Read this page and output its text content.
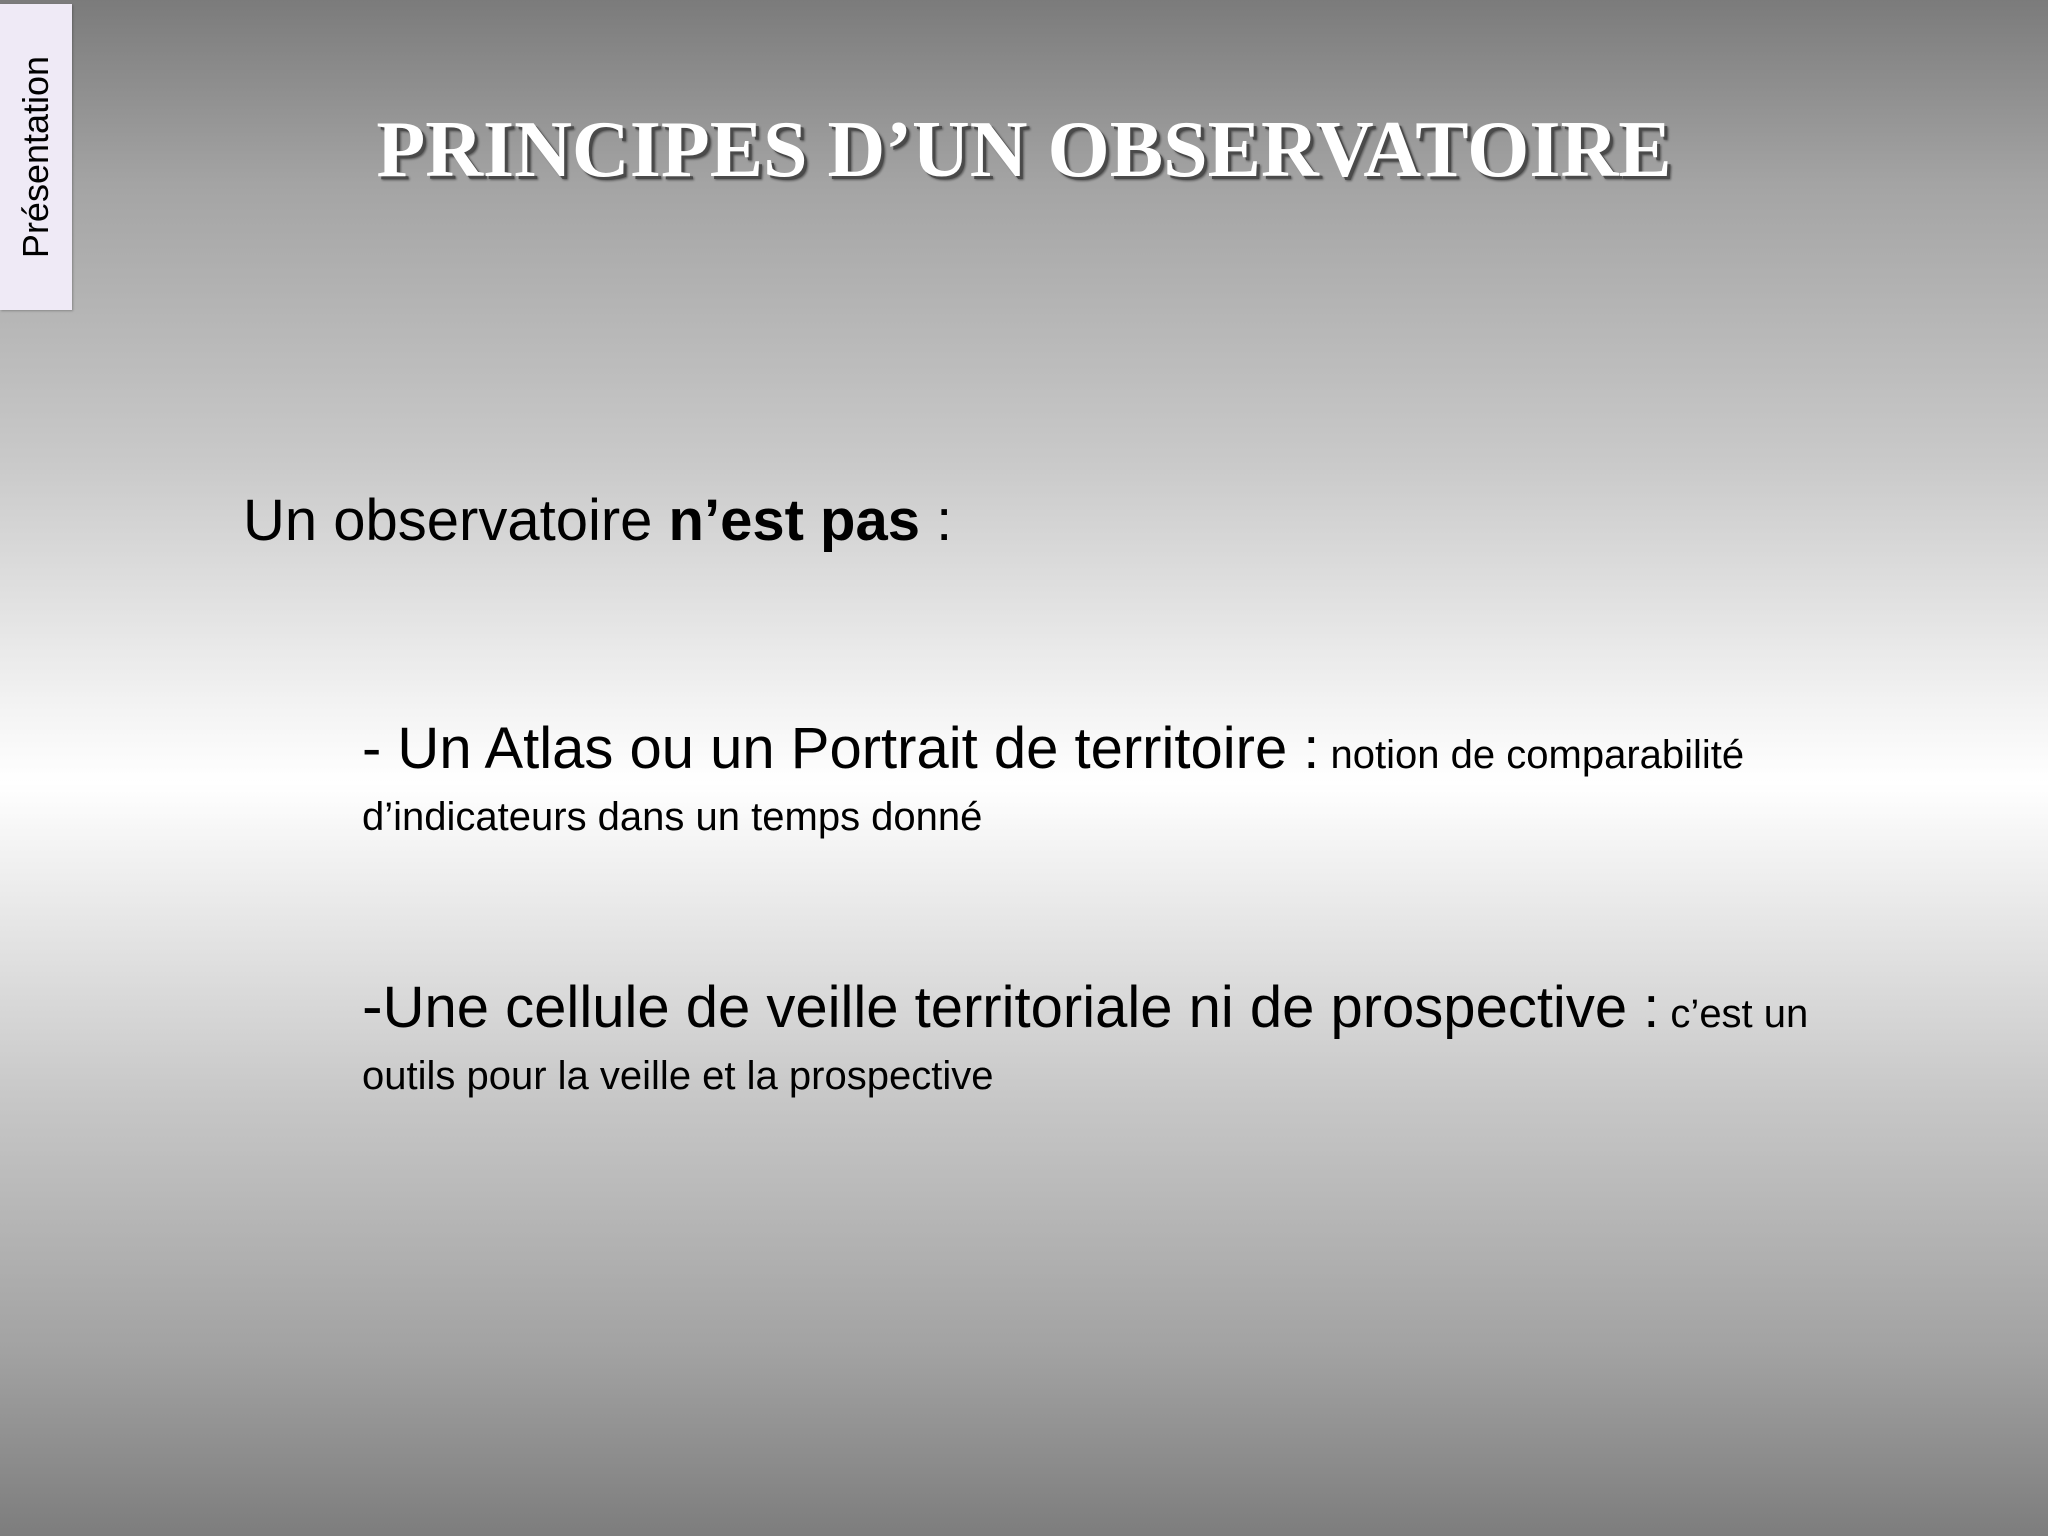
Présentation	PRINCIPES D’UN OBSERVATOIRE
Un observatoire n’est pas :
- Un Atlas ou un Portrait de territoire : notion de comparabilité
d’indicateurs dans un temps donné
-Une cellule de veille territoriale ni de prospective : c’est un
outils pour la veille et la prospective
